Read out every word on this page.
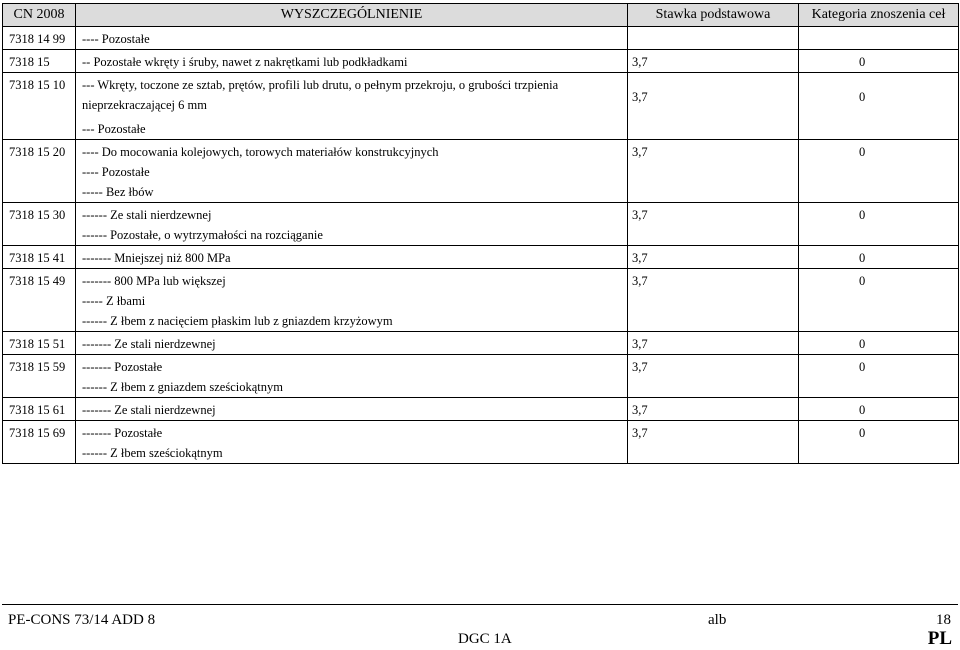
CN 2008	WYSZCZEGÓLNIENIE	Stawka podstawowa	Kategoria znoszenia ceł
7318 14 99	---- Pozostałe		

7318 15	-- Pozostałe wkręty i śruby, nawet z nakrętkami lub podkładkami	3,7	0

7318 15 10	--- Wkręty, toczone ze sztab, prętów, profili lub drutu, o pełnym przekroju, o grubości trzpienia nieprzekraczającej 6 mm
--- Pozostałe	3,7	0

7318 15 20	---- Do mocowania kolejowych, torowych materiałów konstrukcyjnych
---- Pozostałe
----- Bez łbów	3,7	0

7318 15 30	------ Ze stali nierdzewnej
------ Pozostałe, o wytrzymałości na rozciąganie	3,7	0

7318 15 41	------- Mniejszej niż 800 MPa	3,7	0

7318 15 49	------- 800 MPa lub większej
----- Z łbami
------ Z łbem z nacięciem płaskim lub z gniazdem krzyżowym	3,7	0

7318 15 51	------- Ze stali nierdzewnej	3,7	0

7318 15 59	------- Pozostałe
------ Z łbem z gniazdem sześciokątnym	3,7	0

7318 15 61	------- Ze stali nierdzewnej	3,7	0

7318 15 69	------- Pozostałe
------ Z łbem sześciokątnym	3,7	0
PE-CONS 73/14 ADD 8	alb	18
DGC 1A	PL
